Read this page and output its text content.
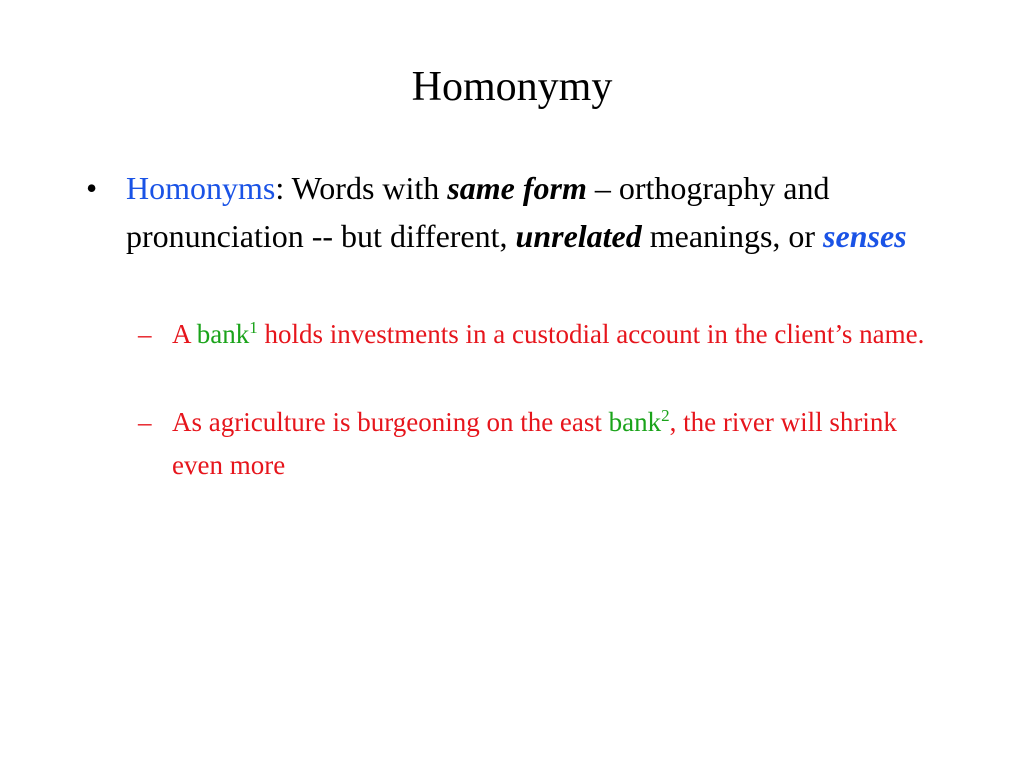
Homonymy
• Homonyms: Words with same form – orthography and pronunciation -- but different, unrelated meanings, or senses
– A bank$^1$ holds investments in a custodial account in the client’s name.
– As agriculture is burgeoning on the east bank$^2$, the river will shrink even more
